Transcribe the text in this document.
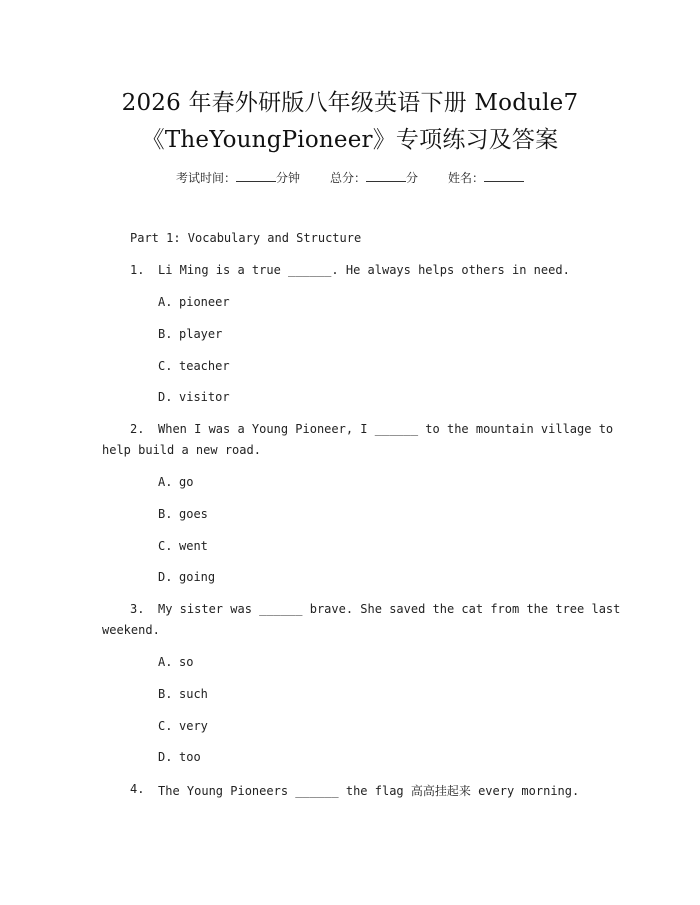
2026 年春外研版八年级英语下册 Module7
《TheYoungPioneer》专项练习及答案
考试时间：	分钟	总分：	分	姓名：
Part 1: Vocabulary and Structure
1. Li Ming is a true ______. He always helps others in need.
A. pioneer
B. player
C. teacher
D. visitor
2. When I was a Young Pioneer, I ______ to the mountain village to
help build a new road.
A. go
B. goes
C. went
D. going
3. My sister was ______ brave. She saved the cat from the tree last
weekend.
A. so
B. such
C. very
D. too
4. The Young Pioneers ______ the flag 高高挂起来 every morning.
